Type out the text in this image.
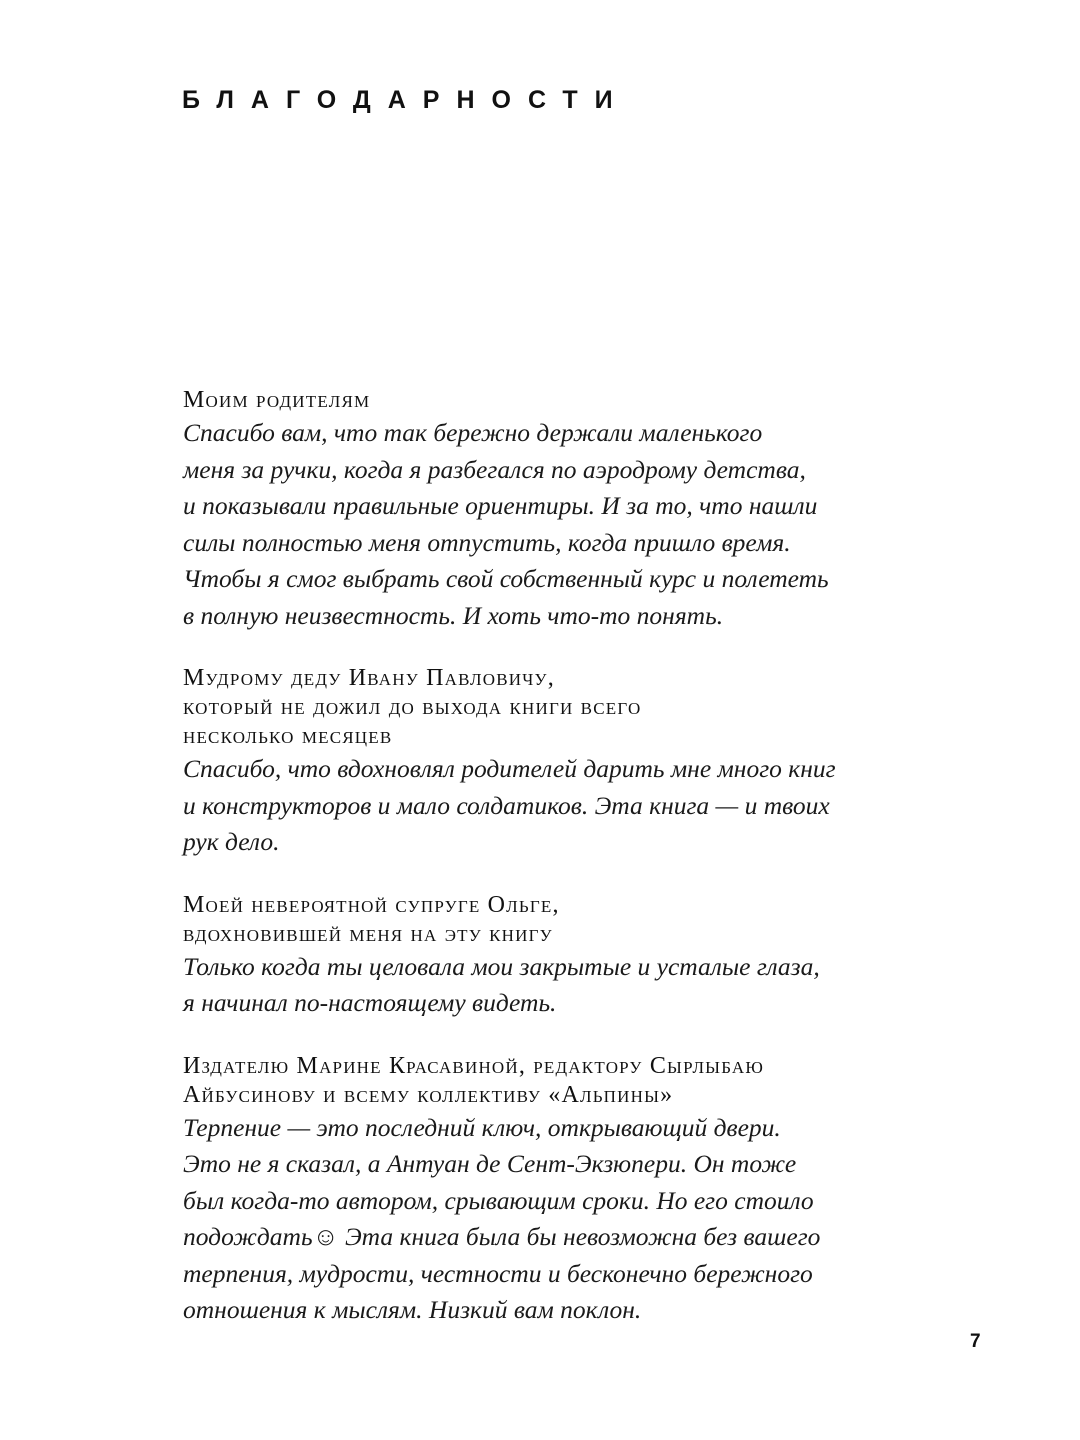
БЛАГОДАРНОСТИ

Моим родителям

Спасибо вам, что так бережно держали маленького
меня за ручки, когда я разбегался по аэродрому детства,
и показывали правильные ориентиры. И за то, что нашли
силы полностью меня отпустить, когда пришло время.
Чтобы я смог выбрать свой собственный курс и полететь
в полную неизвестность. И хоть что-то понять.

Мудрому деду Ивану Павловичу,
который не дожил до выхода книги всего
несколько месяцев

Спасибо, что вдохновлял родителей дарить мне много книг
и конструкторов и мало солдатиков. Эта книга — и твоих
рук дело.

Моей невероятной супруге Ольге,
вдохновившей меня на эту книгу

Только когда ты целовала мои закрытые и усталые глаза,
я начинал по-настоящему видеть.

Издателю Марине Красавиной, редактору Сырлыбаю
Айбусинову и всему коллективу «Альпины»

Терпение — это последний ключ, открывающий двери.
Это не я сказал, а Антуан де Сент-Экзюпери. Он тоже
был когда-то автором, срывающим сроки. Но его стоило
подождать☺ Эта книга была бы невозможна без вашего
терпения, мудрости, честности и бесконечно бережного
отношения к мыслям. Низкий вам поклон.

7
